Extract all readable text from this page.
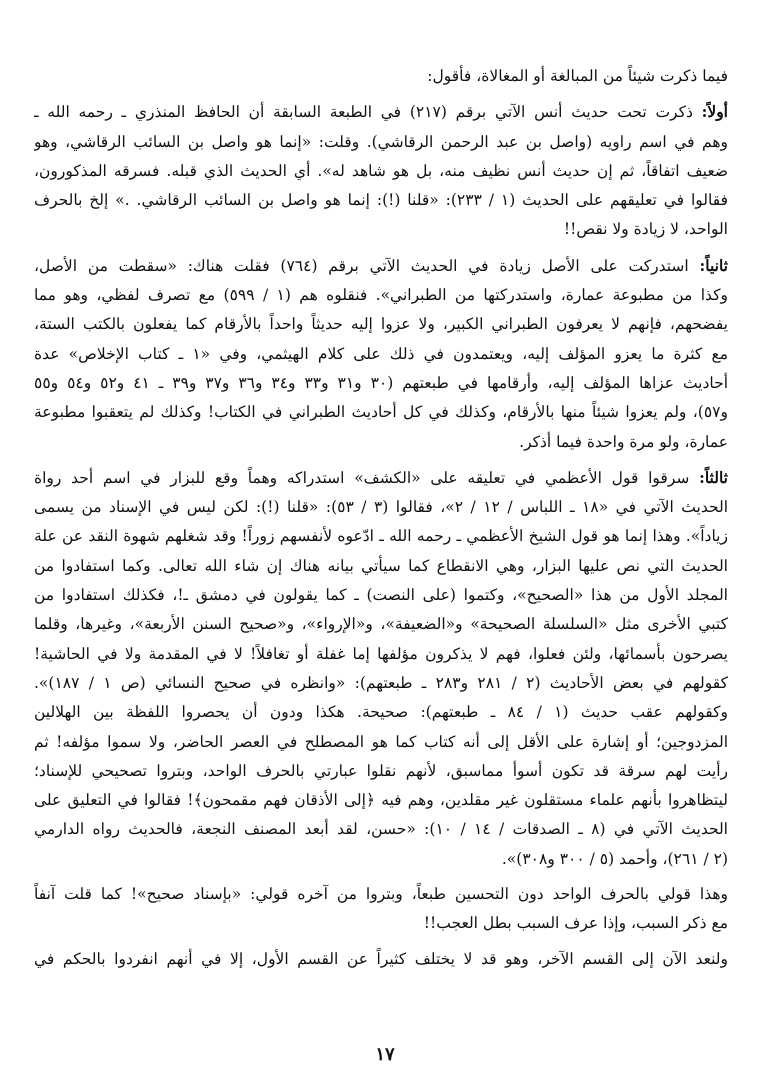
فيما ذكرت شيئاً من المبالغة أو المغالاة، فأقول:
أولاً: ذكرت تحت حديث أنس الآتي برقم (٢١٧) في الطبعة السابقة أن الحافظ المنذري ـ رحمه الله ـ
وهم في اسم راويه (واصل بن عبد الرحمن الرقاشي). وقلت: «إنما هو واصل بن السائب الرقاشي، وهو
ضعيف اتفاقاً، ثم إن حديث أنس نظيف منه، بل هو شاهد له». أي الحديث الذي قبله. فسرقه المذكورون،
فقالوا في تعليقهم على الحديث (١ / ٢٣٣): «قلنا (!): إنما هو واصل بن السائب الرقاشي. .» إلخ بالحرف
الواحد، لا زيادة ولا نقص!!
ثانياً: استدركت على الأصل زيادة في الحديث الآتي برقم (٧٦٤) فقلت هناك: «سقطت من الأصل،
وكذا من مطبوعة عمارة، واستدركتها من الطبراني». فنقلوه هم (١ / ٥٩٩) مع تصرف لفظي، وهو مما
يفضحهم، فإنهم لا يعرفون الطبراني الكبير، ولا عزوا إليه حديثاً واحداً بالأرقام كما يفعلون بالكتب الستة،
مع كثرة ما يعزو المؤلف إليه، ويعتمدون في ذلك على كلام الهيثمي، وفي «١ ـ كتاب الإخلاص» عدة
أحاديث عزاها المؤلف إليه، وأرقامها في طبعتهم (٣٠ و٣١ و٣٣ و٣٤ و٣٦ و٣٧ و٣٩ ـ ٤١ و٥٢ و٥٤ و٥٥
و٥٧)، ولم يعزوا شيئاً منها بالأرقام، وكذلك في كل أحاديث الطبراني في الكتاب! وكذلك لم يتعقبوا مطبوعة
عمارة، ولو مرة واحدة فيما أذكر.
ثالثاً: سرقوا قول الأعظمي في تعليقه على «الكشف» استدراكه وهماً وقع للبزار في اسم أحد رواة
الحديث الآتي في «١٨ ـ اللباس / ١٢ / ٢»، فقالوا (٣ / ٥٣): «قلنا (!): لكن ليس في الإسناد من يسمى
زياداً». وهذا إنما هو قول الشيخ الأعظمي ـ رحمه الله ـ ادّعوه لأنفسهم زوراً! وقد شغلهم شهوة النقد عن علة
الحديث التي نص عليها البزار، وهي الانقطاع كما سيأتي بيانه هناك إن شاء الله تعالى. وكما استفادوا من
المجلد الأول من هذا «الصحيح»، وكتموا (على النصت) ـ كما يقولون في دمشق ـ!، فكذلك استفادوا من
كتبي الأخرى مثل «السلسلة الصحيحة» و«الضعيفة»، و«الإرواء»، و«صحيح السنن الأربعة»، وغيرها، وقلما
يصرحون بأسمائها، ولئن فعلوا، فهم لا يذكرون مؤلفها إما غفلة أو تغافلاً! لا في المقدمة ولا في الحاشية!
كقولهم في بعض الأحاديث (٢ / ٢٨١ و٢٨٣ ـ طبعتهم): «وانظره في صحيح النسائي (ص ١ / ١٨٧)».
وكقولهم عقب حديث (١ / ٨٤ ـ طبعتهم): صحيحة. هكذا ودون أن يحصروا اللفظة بين الهلالين
المزدوجين؛ أو إشارة على الأقل إلى أنه كتاب كما هو المصطلح في العصر الحاضر، ولا سموا مؤلفه! ثم
رأيت لهم سرقة قد تكون أسوأ مماسبق، لأنهم نقلوا عبارتي بالحرف الواحد، وبتروا تصحيحي للإسناد؛
ليتظاهروا بأنهم علماء مستقلون غير مقلدين، وهم فيه ﴿إلى الأذقان فهم مقمحون﴾! فقالوا في التعليق على
الحديث الآتي في (٨ ـ الصدقات / ١٤ / ١٠): «حسن، لقد أبعد المصنف النجعة، فالحديث رواه الدارمي
(٢ / ٢٦١)، وأحمد (٥ / ٣٠٠ و٣٠٨)».
وهذا قولي بالحرف الواحد دون التحسين طبعاً، وبتروا من آخره قولي: «بإسناد صحيح»! كما قلت آنفاً
مع ذكر السبب، وإذا عرف السبب بطل العجب!!
ولنعد الآن إلى القسم الآخر، وهو قد لا يختلف كثيراً عن القسم الأول، إلا في أنهم انفردوا بالحكم في
١٧
